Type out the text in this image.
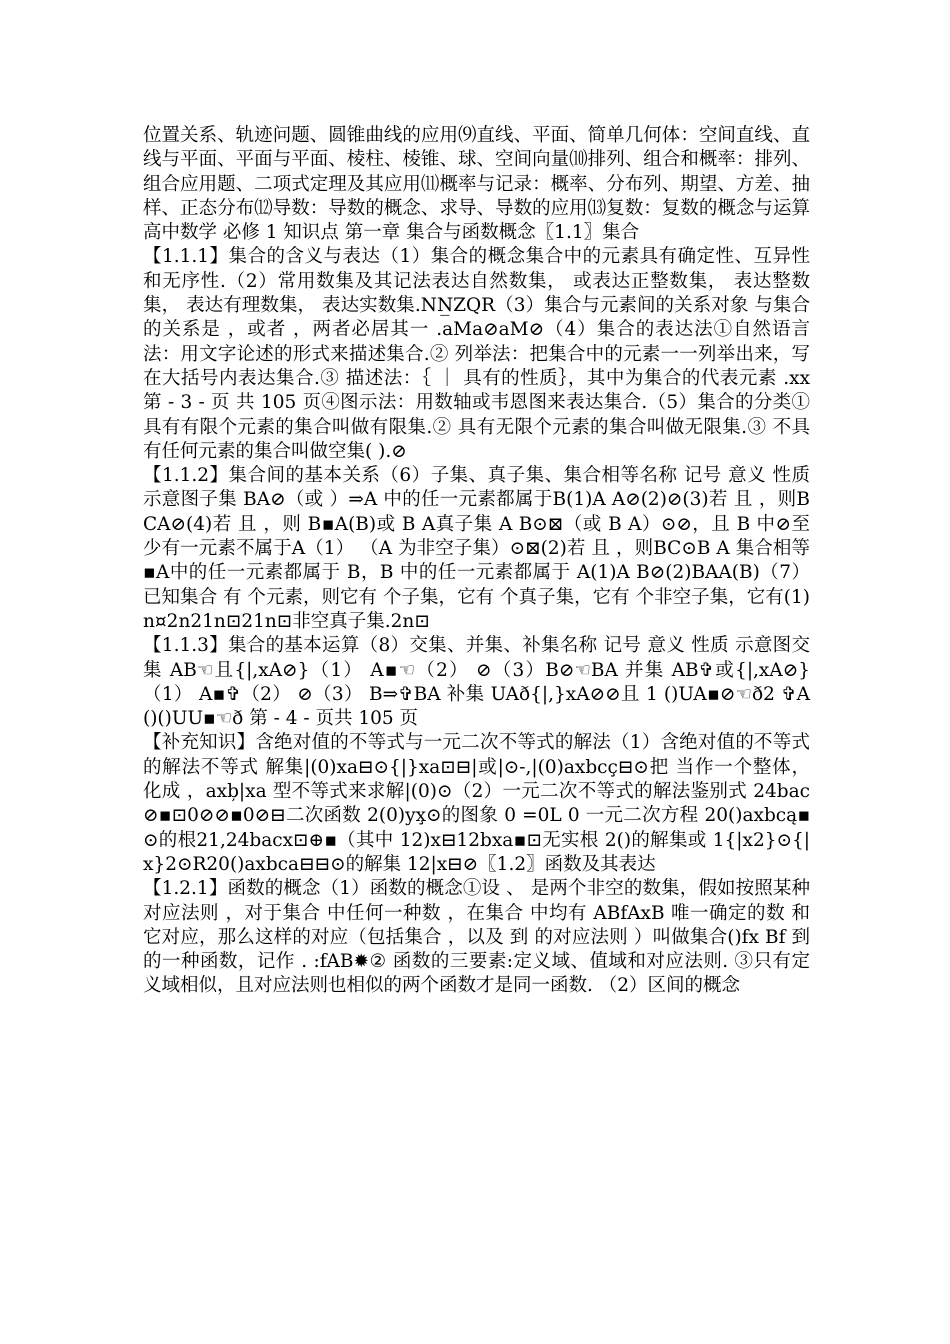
位置关系、轨迹问题、圆锥曲线的应用⑼直线、平面、简单几何体：空间直线、直线与平面、平面与平面、棱柱、棱锥、球、空间向量⑽排列、组合和概率：排列、组合应用题、二项式定理及其应用⑾概率与记录：概率、分布列、期望、方差、抽样、正态分布⑿导数：导数的概念、求导、导数的应用⒀复数：复数的概念与运算高中数学 必修 1 知识点 第一章 集合与函数概念〖1.1〗集合

【1.1.1】集合的含义与表达（1）集合的概念集合中的元素具有确定性、互异性和无序性.（2）常用数集及其记法表达自然数集， 或表达正整数集， 表达整数集， 表达有理数集， 表达实数集.NN̲ZQR（3）集合与元素间的关系对象 与集合 的关系是 ，或者 ，两者必居其一 .aMa⊘aM⊘（4）集合的表达法①自然语言法：用文字论述的形式来描述集合.② 列举法：把集合中的元素一一列举出来，写在大括号内表达集合.③ 描述法：｛ ｜ 具有的性质｝，其中为集合的代表元素 .xx 第 - 3 - 页 共 105 页④图示法：用数轴或韦恩图来表达集合.（5）集合的分类①具有有限个元素的集合叫做有限集.② 具有无限个元素的集合叫做无限集.③ 不具有任何元素的集合叫做空集( ).⊘

【1.1.2】集合间的基本关系（6）子集、真子集、集合相等名称 记号 意义 性质 示意图子集 BA⊘（或 ）⇒A 中的任一元素都属于B(1)A A⊘(2)⊘(3)若 且 ，则BCA⊘(4)若 且 ，则 B▪A(B)或 B A真子集 A B⊙⊠（或 B A）⊙⊘，且 B 中⊘至少有一元素不属于A（1） （A 为非空子集）⊙⊠(2)若 且 ，则BC⊙B A 集合相等 ▪A中的任一元素都属于 B，B 中的任一元素都属于 A(1)A B⊘(2)BAA(B)（7）已知集合 有 个元素，则它有 个子集，它有 个真子集，它有 个非空子集，它有(1)n¤2n21n⊡21n⊡非空真子集.2n⊡

【1.1.3】集合的基本运算（8）交集、并集、补集名称 记号 意义 性质 示意图交集 AB☜且{|,xA⊘}（1） A▪☜（2） ⊘（3）B⊘☜BA 并集 AB✞或{|,xA⊘}（1） A▪✞（2） ⊘（3） B⇒✞BA 补集 UAð{|,}xA⊘⊘且 1 ()UA▪⊘☜ð2 ✞A()()UU▪☜ð 第 - 4 - 页共 105 页

【补充知识】含绝对值的不等式与一元二次不等式的解法（1）含绝对值的不等式的解法不等式 解集|(0)xa⊟⊙{|}xa⊡⊟|或|⊙-,|(0)axbcç⊟⊙把 当作一个整体，化成 ，axb̦|xa 型不等式来求解|(0)⊙（2）一元二次不等式的解法鉴别式 24bac⊘▪⊡0⊘⊘▪0⊘⊟二次函数 2(0)yx̧⊙的图象 0 =0L 0 一元二次方程 20()axbcą▪⊙的根21,24bacx⊡⊕▪（其中 12)x⊟12bxa▪⊡无实根 2()的解集或 1{|x2}⊙{|x}2⊙R20()axbca⊟⊟⊙的解集 12|x⊟⊘〖1.2〗函数及其表达

【1.2.1】函数的概念（1）函数的概念①设 、 是两个非空的数集，假如按照某种对应法则 ，对于集合 中任何一种数 ，在集合 中均有 ABfAxB 唯一确定的数 和它对应，那么这样的对应（包括集合 ，以及 到 的对应法则 ）叫做集合()fx Bf 到 的一种函数，记作 . :fAB✹② 函数的三要素:定义域、值域和对应法则. ③只有定义域相似，且对应法则也相似的两个函数才是同一函数. （2）区间的概念
